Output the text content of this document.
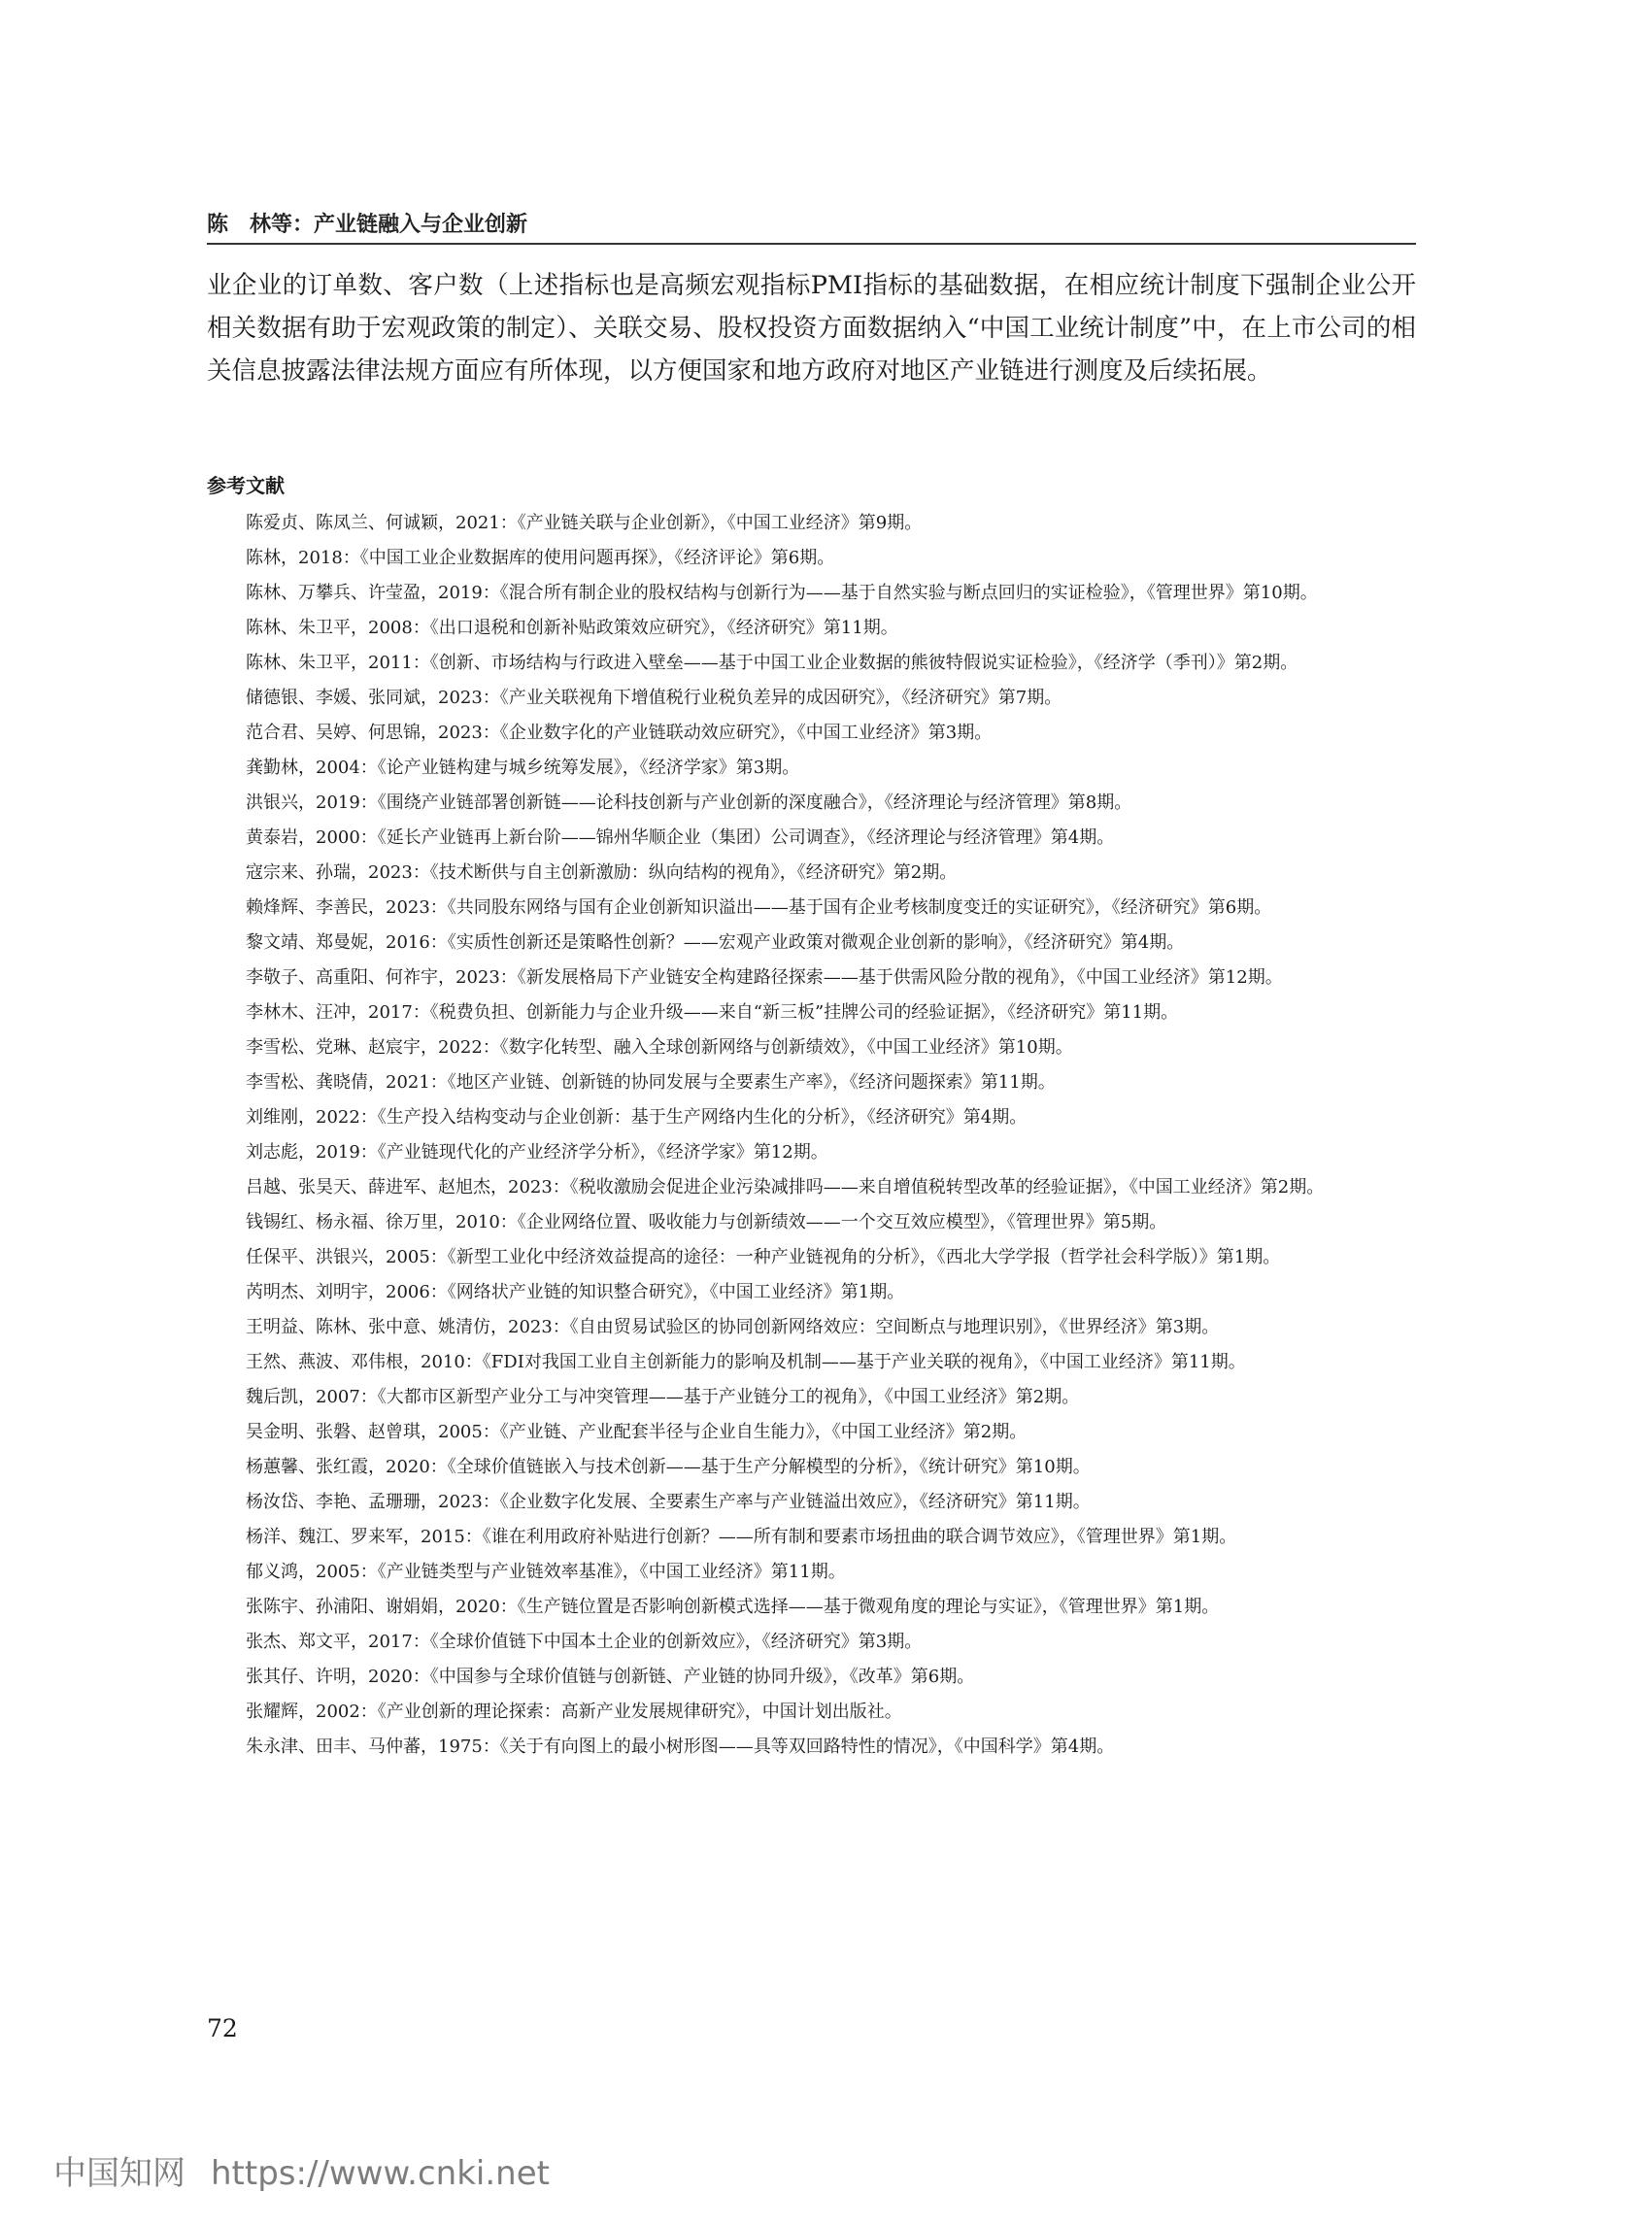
陈　林等：产业链融入与企业创新

业企业的订单数、客户数（上述指标也是高频宏观指标PMI指标的基础数据，在相应统计制度下强制企业公开相关数据有助于宏观政策的制定）、关联交易、股权投资方面数据纳入“中国工业统计制度”中，在上市公司的相关信息披露法律法规方面应有所体现，以方便国家和地方政府对地区产业链进行测度及后续拓展。

参考文献
陈爱贞、陈凤兰、何诚颖，2021：《产业链关联与企业创新》，《中国工业经济》第9期。
陈林，2018：《中国工业企业数据库的使用问题再探》，《经济评论》第6期。
陈林、万攀兵、许莹盈，2019：《混合所有制企业的股权结构与创新行为——基于自然实验与断点回归的实证检验》，《管理世界》第10期。
陈林、朱卫平，2008：《出口退税和创新补贴政策效应研究》，《经济研究》第11期。
陈林、朱卫平，2011：《创新、市场结构与行政进入壁垒——基于中国工业企业数据的熊彼特假说实证检验》，《经济学（季刊）》第2期。
储德银、李媛、张同斌，2023：《产业关联视角下增值税行业税负差异的成因研究》，《经济研究》第7期。
范合君、吴婷、何思锦，2023：《企业数字化的产业链联动效应研究》，《中国工业经济》第3期。
龚勤林，2004：《论产业链构建与城乡统筹发展》，《经济学家》第3期。
洪银兴，2019：《围绕产业链部署创新链——论科技创新与产业创新的深度融合》，《经济理论与经济管理》第8期。
黄泰岩，2000：《延长产业链再上新台阶——锦州华顺企业（集团）公司调查》，《经济理论与经济管理》第4期。
寇宗来、孙瑞，2023：《技术断供与自主创新激励：纵向结构的视角》，《经济研究》第2期。
赖烽辉、李善民，2023：《共同股东网络与国有企业创新知识溢出——基于国有企业考核制度变迁的实证研究》，《经济研究》第6期。
黎文靖、郑曼妮，2016：《实质性创新还是策略性创新？——宏观产业政策对微观企业创新的影响》，《经济研究》第4期。
李敬子、高重阳、何祚宇，2023：《新发展格局下产业链安全构建路径探索——基于供需风险分散的视角》，《中国工业经济》第12期。
李林木、汪冲，2017：《税费负担、创新能力与企业升级——来自“新三板”挂牌公司的经验证据》，《经济研究》第11期。
李雪松、党琳、赵宸宇，2022：《数字化转型、融入全球创新网络与创新绩效》，《中国工业经济》第10期。
李雪松、龚晓倩，2021：《地区产业链、创新链的协同发展与全要素生产率》，《经济问题探索》第11期。
刘维刚，2022：《生产投入结构变动与企业创新：基于生产网络内生化的分析》，《经济研究》第4期。
刘志彪，2019：《产业链现代化的产业经济学分析》，《经济学家》第12期。
吕越、张昊天、薛进军、赵旭杰，2023：《税收激励会促进企业污染减排吗——来自增值税转型改革的经验证据》，《中国工业经济》第2期。
钱锡红、杨永福、徐万里，2010：《企业网络位置、吸收能力与创新绩效——一个交互效应模型》，《管理世界》第5期。
任保平、洪银兴，2005：《新型工业化中经济效益提高的途径：一种产业链视角的分析》，《西北大学学报（哲学社会科学版）》第1期。
芮明杰、刘明宇，2006：《网络状产业链的知识整合研究》，《中国工业经济》第1期。
王明益、陈林、张中意、姚清仿，2023：《自由贸易试验区的协同创新网络效应：空间断点与地理识别》，《世界经济》第3期。
王然、燕波、邓伟根，2010：《FDI对我国工业自主创新能力的影响及机制——基于产业关联的视角》，《中国工业经济》第11期。
魏后凯，2007：《大都市区新型产业分工与冲突管理——基于产业链分工的视角》，《中国工业经济》第2期。
吴金明、张磐、赵曾琪，2005：《产业链、产业配套半径与企业自生能力》，《中国工业经济》第2期。
杨蕙馨、张红霞，2020：《全球价值链嵌入与技术创新——基于生产分解模型的分析》，《统计研究》第10期。
杨汝岱、李艳、孟珊珊，2023：《企业数字化发展、全要素生产率与产业链溢出效应》，《经济研究》第11期。
杨洋、魏江、罗来军，2015：《谁在利用政府补贴进行创新？——所有制和要素市场扭曲的联合调节效应》，《管理世界》第1期。
郁义鸿，2005：《产业链类型与产业链效率基准》，《中国工业经济》第11期。
张陈宇、孙浦阳、谢娟娟，2020：《生产链位置是否影响创新模式选择——基于微观角度的理论与实证》，《管理世界》第1期。
张杰、郑文平，2017：《全球价值链下中国本土企业的创新效应》，《经济研究》第3期。
张其仔、许明，2020：《中国参与全球价值链与创新链、产业链的协同升级》，《改革》第6期。
张耀辉，2002：《产业创新的理论探索：高新产业发展规律研究》，中国计划出版社。
朱永津、田丰、马仲蕃，1975：《关于有向图上的最小树形图——具等双回路特性的情况》，《中国科学》第4期。
72
中国知网 https://www.cnki.net
